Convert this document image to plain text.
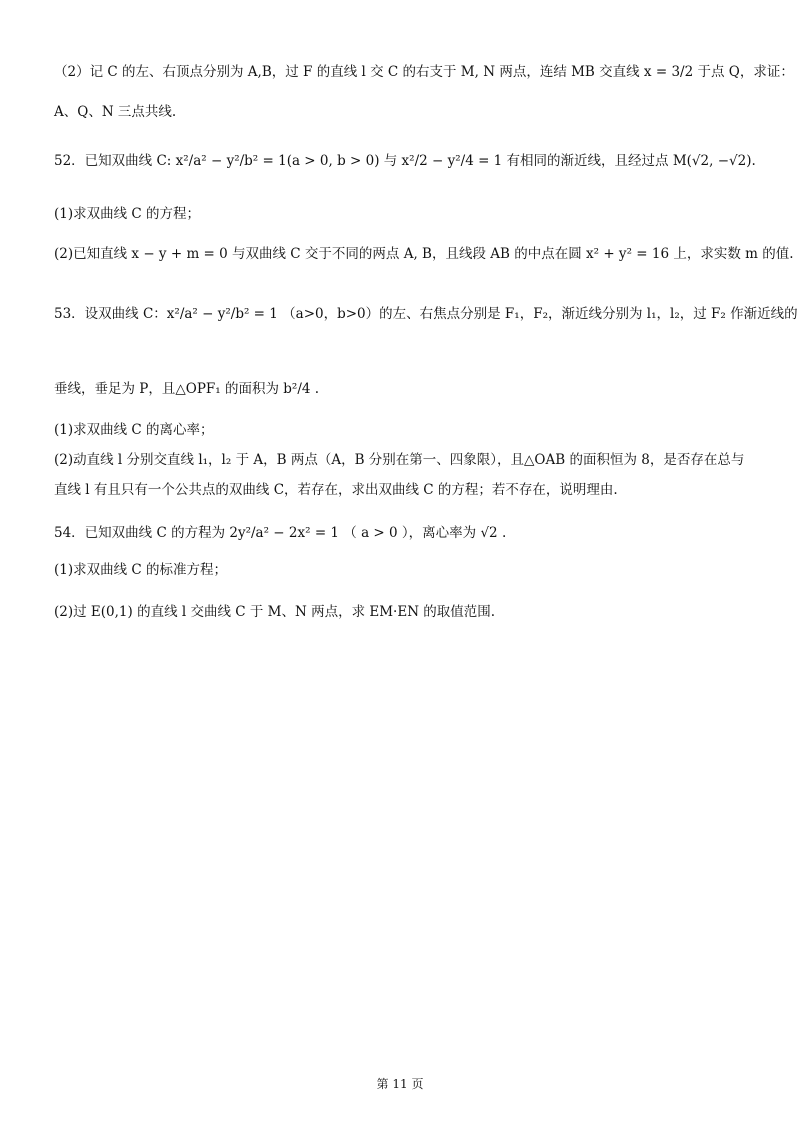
（2）记 C 的左、右顶点分别为 A,B，过 F 的直线 l 交 C 的右支于 M, N 两点，连结 MB 交直线 x = 3/2 于点 Q，求证：
A、Q、N 三点共线.
52．已知双曲线 C: x²/a² − y²/b² = 1(a > 0, b > 0) 与 x²/2 − y²/4 = 1 有相同的渐近线，且经过点 M(√2, −√2).
(1)求双曲线 C 的方程；
(2)已知直线 x − y + m = 0 与双曲线 C 交于不同的两点 A, B，且线段 AB 的中点在圆 x² + y² = 16 上，求实数 m 的值.
53．设双曲线 C：x²/a² − y²/b² = 1 （a>0，b>0）的左、右焦点分别是 F₁，F₂，渐近线分别为 l₁，l₂，过 F₂ 作渐近线的
垂线，垂足为 P，且△OPF₁ 的面积为 b²/4 .
(1)求双曲线 C 的离心率；
(2)动直线 l 分别交直线 l₁，l₂ 于 A，B 两点（A，B 分别在第一、四象限），且△OAB 的面积恒为 8，是否存在总与
直线 l 有且只有一个公共点的双曲线 C，若存在，求出双曲线 C 的方程；若不存在，说明理由.
54．已知双曲线 C 的方程为 2y²/a² − 2x² = 1 （ a > 0 ），离心率为 √2 .
(1)求双曲线 C 的标准方程；
(2)过 E(0,1) 的直线 l 交曲线 C 于 M、N 两点，求 EM·EN 的取值范围.
第 11 页
